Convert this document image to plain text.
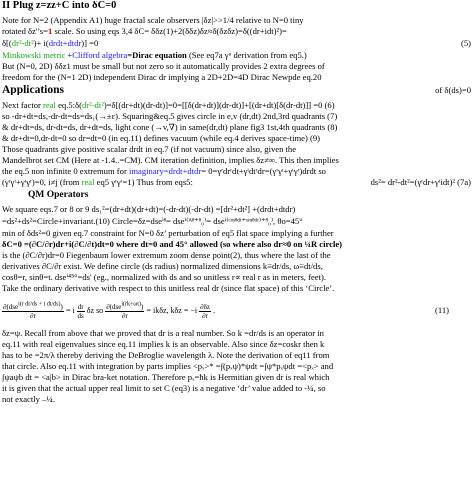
II Plug z=zz+C into δC=0
Note for N=2 (Appendix A1) huge fractal scale observers |δz|>>1/4 relative to N=0 tiny
rotated δz'’s=1 scale. So using eqs 3,4 δC= δδz(1)+2(δδz)δz≈δ(δzδz)=δ((dr+idt)²)=
δ[(dr²-dt²)+ i(drdt+dtdr)] =0	(5)
Minkowski metric +Clifford algebra=Dirac equation (See eq7a γᵘ derivation from eq5.)
But (N=0, 2D) δδz1 must be small but not zero so it automatically provides 2 extra degrees of
freedom for the (N=1 2D) independent Dirac dr implying a 2D+2D=4D Dirac Newpde eq.20
Applications	of δ(ds)=0
Next factor real eq.5:δ(dr²-dt²)=δ[(dr+dt)(dr-dt)]=0=[[δ(dr+dt)](dr-dt)]+[(dr+dt)[δ(dr-dt)]] =0 (6)
so -dr+dt=ds,-dr-dt=ds=ds₁(→±ε). Squaring&eq.5 gives circle in e,v (dr,dt) 2nd,3rd quadrants (7)
& dr+dt=ds, dr-dt=ds, dr+dt=ds, light cone (→v,∇) in same(dr,dt) plane fig3 1st,4th quadrants (8)
& dr+dt=0,dr-dt=0 so dr=dt=0 (in eq.11) defines vacuum (while eq.4 derives space-time) (9)
Those quadrants give positive scalar drdt in eq.7 (if not vacuum) since also, given the
Mandelbrot set CM (Here at -1.4..=CM). CM iteration definition, implies δz≠∞. This then implies
the eq.5 non infinite 0 extremum for imaginary=drdt+dtdr= 0=γʳdrʳdt+γᵗdtʳdr=(γʳγᵗ+γᵗγʳ)drdt so
(γʳγᵗ+γᵗγʳ)=0, i≠j (from real eq5 γʳγʳ=1) Thus from eqs5:	ds²= dr²-dt²=(γʳdr+γᵗidt)² (7a)
QM Operators
We square eqs.7 or 8 or 9 ds₁²=(dr+dt)(dr+dt)=(-dr-dt)(-dr-dt) =[dr²+dt²] +(drdt+dtdr)
=ds²+ds²=Circle+invariant.(10) Circle=δz=dseⁱᶿ= dseⁱ⁽ᴬᶿ⁺ᶿ₀⁾= dseⁱ⁽ᶜᵒˢᶿᵈᵗ⁺ˢᶦⁿᶿᵈʳ⁾⁺ᶿ₀⁾, θo=45°
min of δds²=0 given eq.7 constraint for N=0 δz’ perturbation of eq5 flat space implying a further
δC=0 =(∂C/∂r)dr+i(∂C/∂t)dt=0 where dt=0 and 45° allowed (so where also dr≈0 on ¼R circle)
is the (∂C/∂r)dr=0 Fiegenbaum lower extremum zoom dense point(2), thus where the last of the
derivatives ∂C/∂r exist. We define circle (ds radius) normalized dimensions k≡dr/ds, ω≡dt/ds,
cosθ=r, sinθ=t. dseⁱ⁴⁵°=ds' (eg., normalized with ds and so unitless r∝ real r as in meters, feet).
Take the ordinary derivative with respect to this unitless real dr (since flat space) of this ‘Circle’.
∂(dse$^{i(r dr/ds + t dt/ds)}$)
∂r
= i $\frac{dr}{ds}$ δz so ∂(dse$^{i(rk+\omega t)}$)
∂r
= ikδz, $k\delta z = -i \frac{\partial\delta z}{\partial r}$ .	(11)
δz=ψ. Recall from above that we proved that dr is a real number. So k =dr/ds is an operator in
eq.11 with real eigenvalues since eq.11 implies k is an observable. Also since δz=coskr then k
has to be =2π/λ thereby deriving the DeBroglie wavelength λ. Note the derivation of eq11 from
that circle. Also eq.11 with integration by parts implies <pₓ>* =∫(pₓψ)*ψdt =∫ψ*pₓψdt =<pₓ> and
∫ψaψb dt = <a|b> in Dirac bra-ket notation. Therefore pₓ=ħk is Hermitian given dr is real which
it is given that the actual upper real limit to set C (eq3) is a negative ‘dr’ value added to -¼, so
not exactly –¼.
